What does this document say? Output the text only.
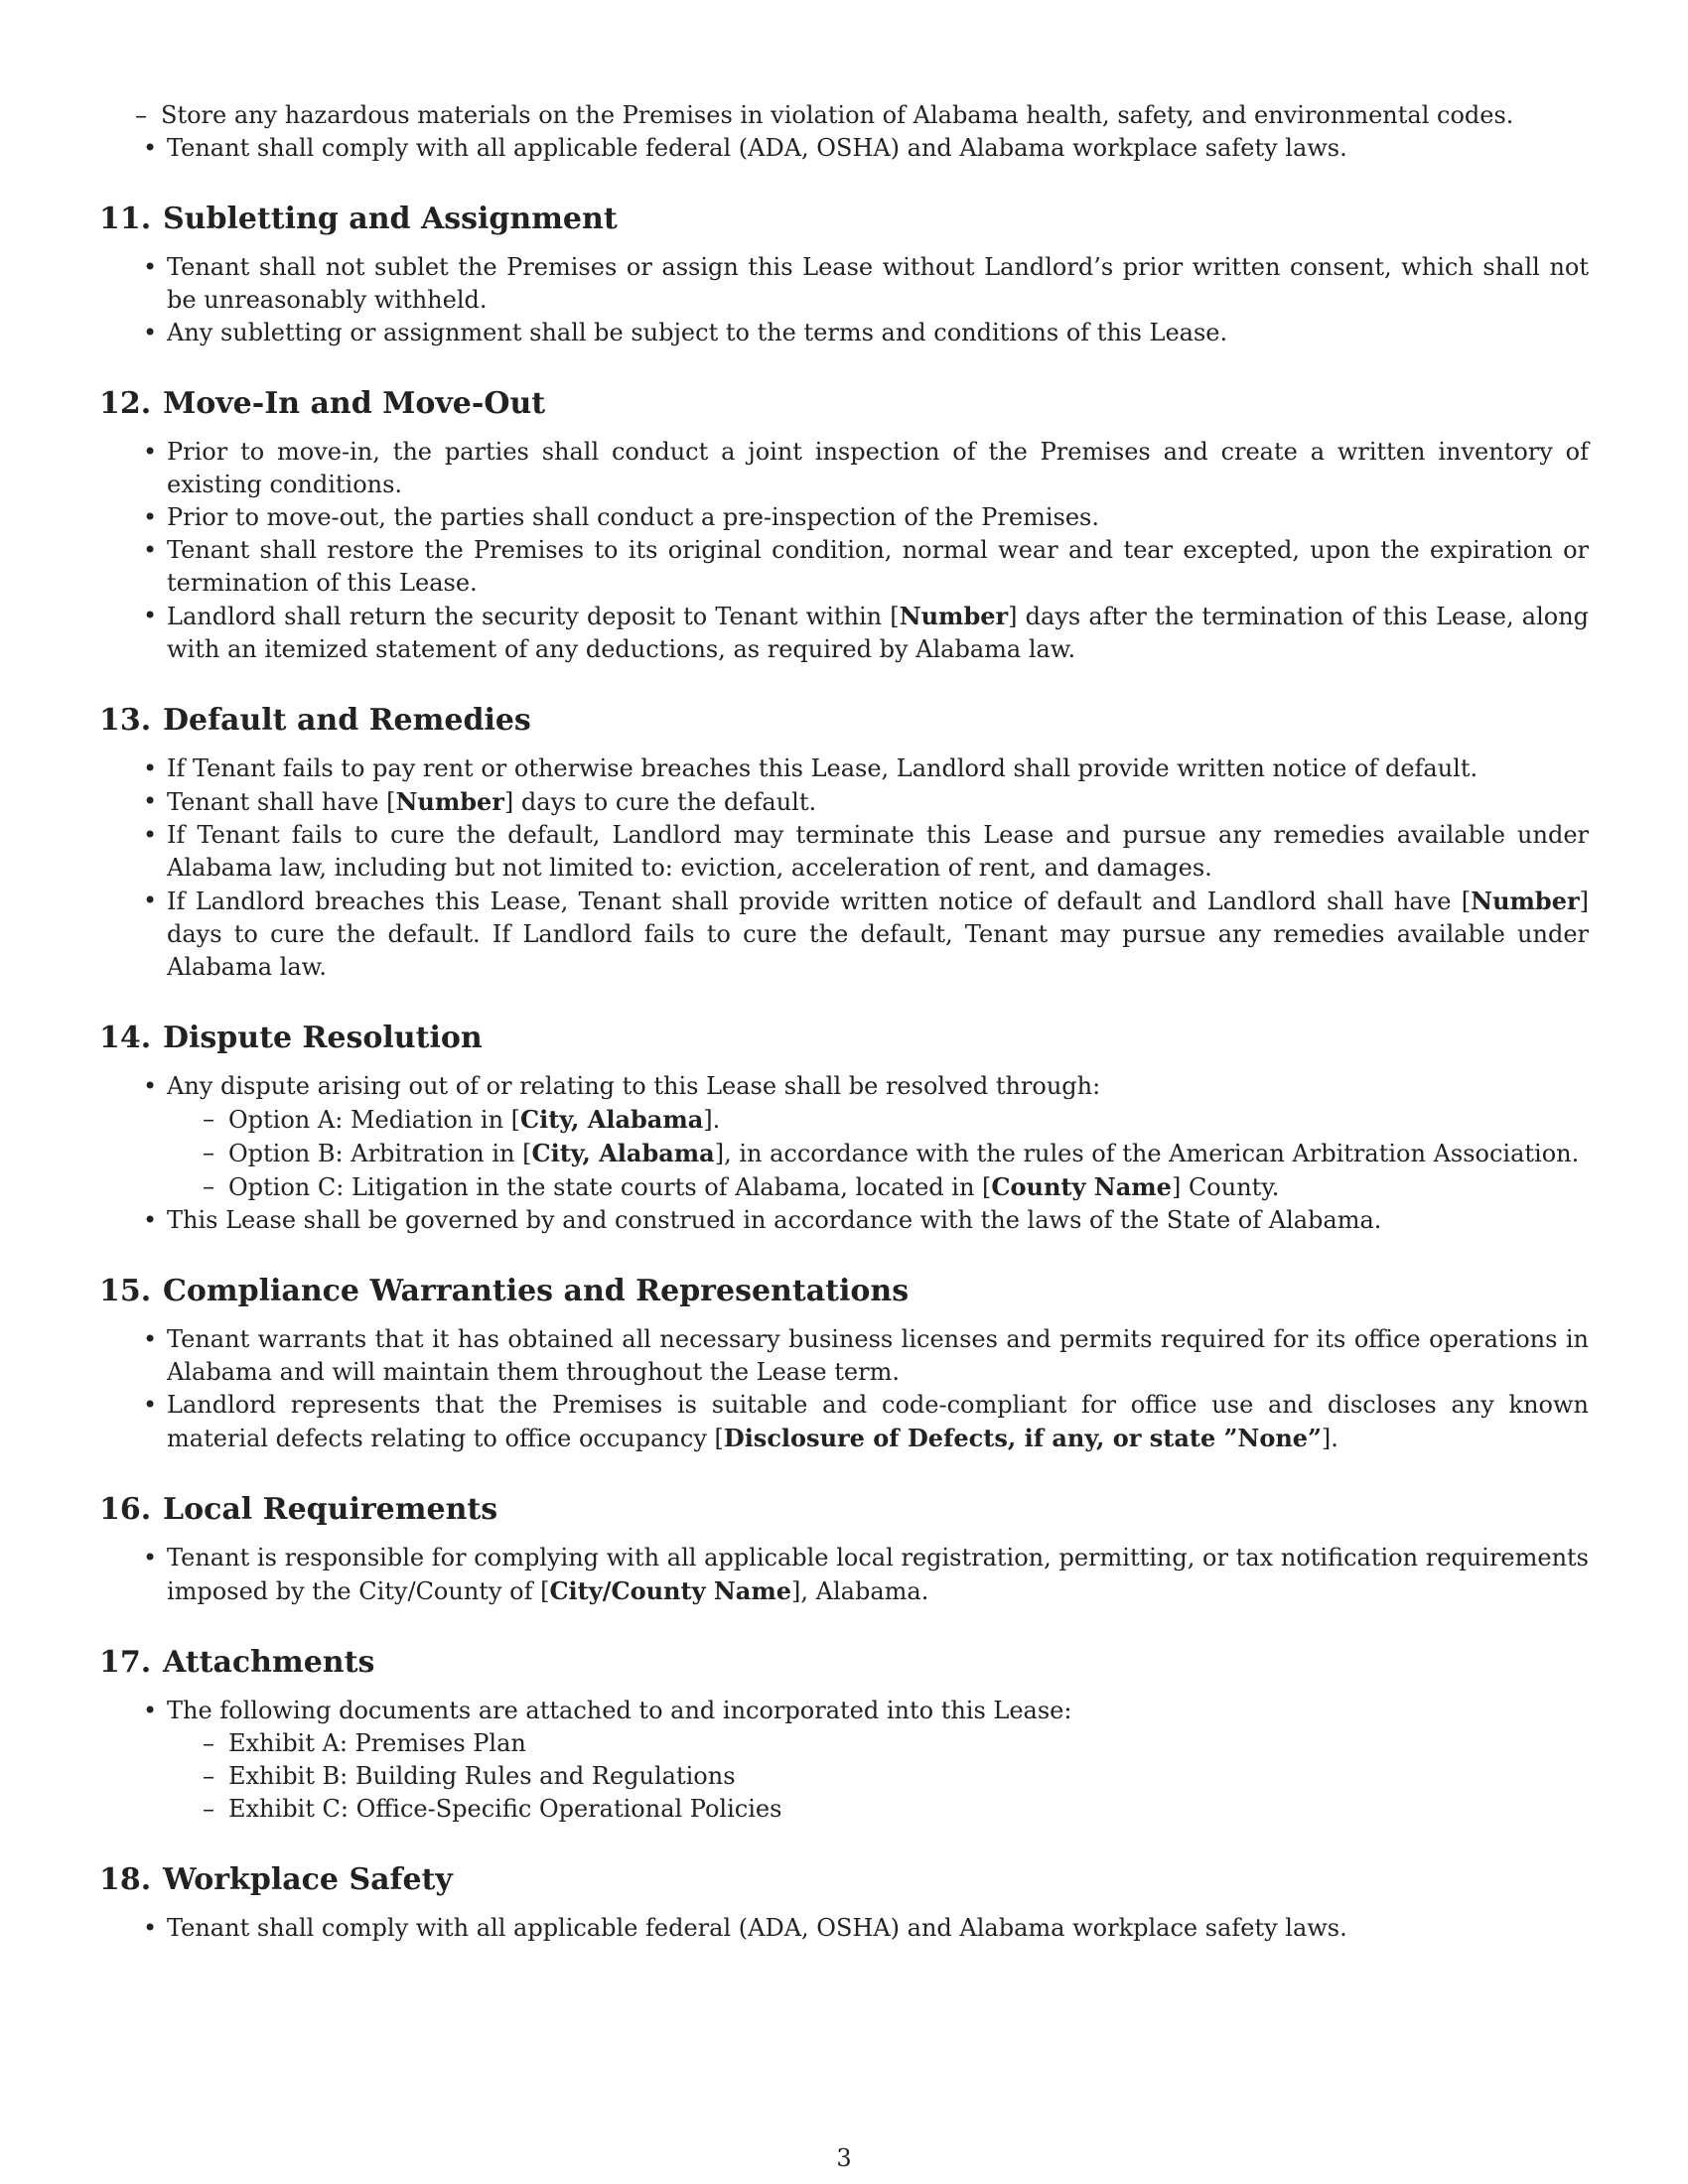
– Store any hazardous materials on the Premises in violation of Alabama health, safety, and environmental codes.
• Tenant shall comply with all applicable federal (ADA, OSHA) and Alabama workplace safety laws.
11. Subletting and Assignment
• Tenant shall not sublet the Premises or assign this Lease without Landlord’s prior written consent, which shall not be unreasonably withheld.
• Any subletting or assignment shall be subject to the terms and conditions of this Lease.
12. Move-In and Move-Out
• Prior to move-in, the parties shall conduct a joint inspection of the Premises and create a written inventory of existing conditions.
• Prior to move-out, the parties shall conduct a pre-inspection of the Premises.
• Tenant shall restore the Premises to its original condition, normal wear and tear excepted, upon the expiration or termination of this Lease.
• Landlord shall return the security deposit to Tenant within [Number] days after the termination of this Lease, along with an itemized statement of any deductions, as required by Alabama law.
13. Default and Remedies
• If Tenant fails to pay rent or otherwise breaches this Lease, Landlord shall provide written notice of default.
• Tenant shall have [Number] days to cure the default.
• If Tenant fails to cure the default, Landlord may terminate this Lease and pursue any remedies available under Alabama law, including but not limited to: eviction, acceleration of rent, and damages.
• If Landlord breaches this Lease, Tenant shall provide written notice of default and Landlord shall have [Number] days to cure the default. If Landlord fails to cure the default, Tenant may pursue any remedies available under Alabama law.
14. Dispute Resolution
• Any dispute arising out of or relating to this Lease shall be resolved through:
– Option A: Mediation in [City, Alabama].
– Option B: Arbitration in [City, Alabama], in accordance with the rules of the American Arbitration Association.
– Option C: Litigation in the state courts of Alabama, located in [County Name] County.
• This Lease shall be governed by and construed in accordance with the laws of the State of Alabama.
15. Compliance Warranties and Representations
• Tenant warrants that it has obtained all necessary business licenses and permits required for its office operations in Alabama and will maintain them throughout the Lease term.
• Landlord represents that the Premises is suitable and code-compliant for office use and discloses any known material defects relating to office occupancy [Disclosure of Defects, if any, or state ”None”].
16. Local Requirements
• Tenant is responsible for complying with all applicable local registration, permitting, or tax notification requirements imposed by the City/County of [City/County Name], Alabama.
17. Attachments
• The following documents are attached to and incorporated into this Lease:
– Exhibit A: Premises Plan
– Exhibit B: Building Rules and Regulations
– Exhibit C: Office-Specific Operational Policies
18. Workplace Safety
• Tenant shall comply with all applicable federal (ADA, OSHA) and Alabama workplace safety laws.
3
